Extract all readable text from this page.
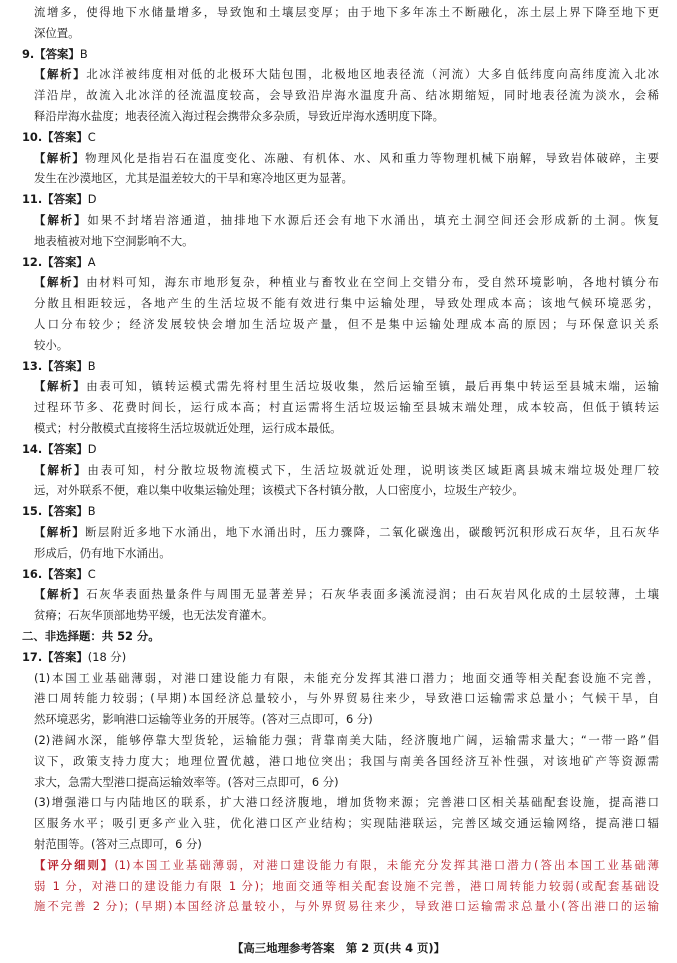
流增多，使得地下水储量增多，导致饱和土壤层变厚；由于地下多年冻土不断融化，冻土层上界下降至地下更
深位置。
9.【答案】B
【解析】北冰洋被纬度相对低的北极环大陆包围，北极地区地表径流（河流）大多自低纬度向高纬度流入北冰
洋沿岸，故流入北冰洋的径流温度较高，会导致沿岸海水温度升高、结冰期缩短，同时地表径流为淡水，会稀
释沿岸海水盐度；地表径流入海过程会携带众多杂质，导致近岸海水透明度下降。
10.【答案】C
【解析】物理风化是指岩石在温度变化、冻融、有机体、水、风和重力等物理机械下崩解，导致岩体破碎，主要
发生在沙漠地区，尤其是温差较大的干旱和寒冷地区更为显著。
11.【答案】D
【解析】如果不封堵岩溶通道，抽排地下水源后还会有地下水涌出，填充土洞空间还会形成新的土洞。恢复
地表植被对地下空洞影响不大。
12.【答案】A
【解析】由材料可知，海东市地形复杂，种植业与畜牧业在空间上交错分布，受自然环境影响，各地村镇分布
分散且相距较远，各地产生的生活垃圾不能有效进行集中运输处理，导致处理成本高；该地气候环境恶劣，
人口分布较少；经济发展较快会增加生活垃圾产量，但不是集中运输处理成本高的原因；与环保意识关系
较小。
13.【答案】B
【解析】由表可知，镇转运模式需先将村里生活垃圾收集，然后运输至镇，最后再集中转运至县城末端，运输
过程环节多、花费时间长，运行成本高；村直运需将生活垃圾运输至县城末端处理，成本较高，但低于镇转运
模式；村分散模式直接将生活垃圾就近处理，运行成本最低。
14.【答案】D
【解析】由表可知，村分散垃圾物流模式下，生活垃圾就近处理，说明该类区域距离县城末端垃圾处理厂较
远，对外联系不便，难以集中收集运输处理；该模式下各村镇分散，人口密度小，垃圾生产较少。
15.【答案】B
【解析】断层附近多地下水涌出，地下水涌出时，压力骤降，二氧化碳逸出，碳酸钙沉积形成石灰华，且石灰华
形成后，仍有地下水涌出。
16.【答案】C
【解析】石灰华表面热量条件与周围无显著差异；石灰华表面多溪流浸润；由石灰岩风化成的土层较薄，土壤
贫瘠；石灰华顶部地势平缓，也无法发育灌木。
二、非选择题：共 52 分。
17.【答案】(18 分)
(1)本国工业基础薄弱，对港口建设能力有限，未能充分发挥其港口潜力；地面交通等相关配套设施不完善，
港口周转能力较弱；(早期)本国经济总量较小，与外界贸易往来少，导致港口运输需求总量小；气候干旱，自
然环境恶劣，影响港口运输等业务的开展等。(答对三点即可，6 分)
(2)港阔水深，能够停靠大型货轮，运输能力强；背靠南美大陆，经济腹地广阔，运输需求量大；“一带一路”倡
议下，政策支持力度大；地理位置优越，港口地位突出；我国与南美各国经济互补性强，对该地矿产等资源需
求大，急需大型港口提高运输效率等。(答对三点即可，6 分)
(3)增强港口与内陆地区的联系，扩大港口经济腹地，增加货物来源；完善港口区相关基础配套设施，提高港口
区服务水平；吸引更多产业入驻，优化港口区产业结构；实现陆港联运，完善区域交通运输网络，提高港口辐
射范围等。(答对三点即可，6 分)
【评分细则】(1)本国工业基础薄弱，对港口建设能力有限，未能充分发挥其港口潜力(答出本国工业基础薄
弱 1 分，对港口的建设能力有限 1 分)；地面交通等相关配套设施不完善，港口周转能力较弱(或配套基础设
施不完善 2 分)；(早期)本国经济总量较小，与外界贸易往来少，导致港口运输需求总量小(答出港口的运输
【高三地理参考答案　第 2 页(共 4 页)】
